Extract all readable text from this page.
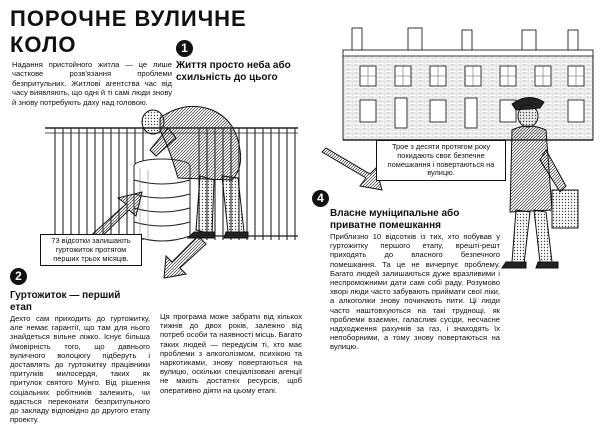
ПОРОЧНЕ ВУЛИЧНЕ КОЛО
Надання пристойного житла — це лише часткове розв'язання проблеми безпритульних. Житлові агентства час від часу виявляють, що одні й ті самі люди знову й знову потребують даху над головою.
1
Життя просто неба або схильність до цього
73 відсотки залишають гуртожиток протягом перших трьох місяців.
2
Гуртожиток — перший етап
Дехто сам приходить до гуртожитку, але немає гарантії, що там для нього знайдеться вільне ліжко. Існує більша ймовірність того, що давнього вуличного волоцюгу підберуть і доставлять до гуртожитку працівники притулків милосердя, таких як притулок святого Мунго. Від рішення соціальних робітників залежить, чи вдасться переконати безпритульного до закладу відповідно до другого етапу проекту.
Ця програма може забрати від кількох тижнів до двох років, залежно від потреб особи та наявності місць. Багато таких людей — передусім ті, хто має проблеми з алкоголізмом, психікою та наркотиками, знову повертаються на вулицю, оскільки спеціалізовані агенції не мають достатніх ресурсів, щоб оперативно діяти на цьому етапі.
Трое з десяти протягом року покидають своє безпечне помешкання і повертаються на вулицю.
4
Власне муніципальне або приватне помешкання
Приблизно 10 відсотків із тих, хто побував у гуртожитку першого етапу, врешті-решт приходять до власного безпечного помешкання. Та це не вичерпує проблему. Багато людей залишаються дуже вразливими і неспроможними дати самі собі раду. Розумово хворі люди часто забувають приймати свої ліки, а алкоголіки знову починають пити. Ці люди часто наштовхуються на такі труднощі, як проблеми взаємин, галасливі сусіди, несчасне надходження рахунків за газ, і знаходять їх непоборними, а тому знову повертаються на вулицю.
